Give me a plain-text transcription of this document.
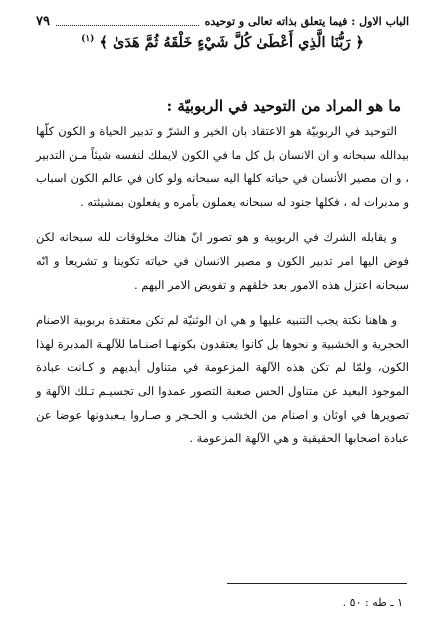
الباب الاول : فيما يتعلق بذاته تعالى و توحيده
٧٩
﴿ رَبُّنَا الَّذِي أَعْطَىٰ كُلَّ شَيْءٍ خَلْقَهُ ثُمَّ هَدَىٰ ﴾ $^{(١)}$
ما هو المراد من التوحيد في الربوبيّة :

التوحيد في الربوبيّة هو الاعتقاد بان الخير و الشرّ و تدبير الحياة و الكون كلّها بيدالله سبحانه و ان الانسان بل كل ما في الكون لايملك لنفسه شيئاً مـن التدبير ، و ان مصير الأنسان في حياته كلها اليه سبحانه ولو كان في عالم الكون اسباب و مدبرات له ، فكلها جنود له سبحانه يعملون بأمره و يفعلون بمشيئته .

و يقابله الشرك في الربوبية و هو تصور انّ هناك مخلوقات لله سبحانه لكن فوض اليها امر تدبير الكون و مصير الانسان في حياته تكوينا و تشريعا و انّه سبحانه اعتزل هذه الامور بعد خلقهم و تفويض الامر اليهم .

و هاهنا نكتة يجب التنبيه عليها و هي ان الوثنيّة لم تكن معتقدة بربوبية الاصنام الحجرية و الخشبية و نحوها بل كانوا يعتقدون بكونهـا اصنـاما للآلهـة المدبرة لهذا الكون، ولمّا لم تكن هذه الآلهة المزعومة في متناول أيديهم و كـانت عبادة الموجود البعيد عن متناول الحس صعبة التصور عمدوا الى تجسيـم تـلك الآلهة و تصويرها في اوثان و اصنام من الخشب و الحـجر و صـاروا يـعبدونها عوضا عن عبادة اصحابها الحقيقية و هي الآلهة المزعومة .

١ ـ طه : ٥٠ .
